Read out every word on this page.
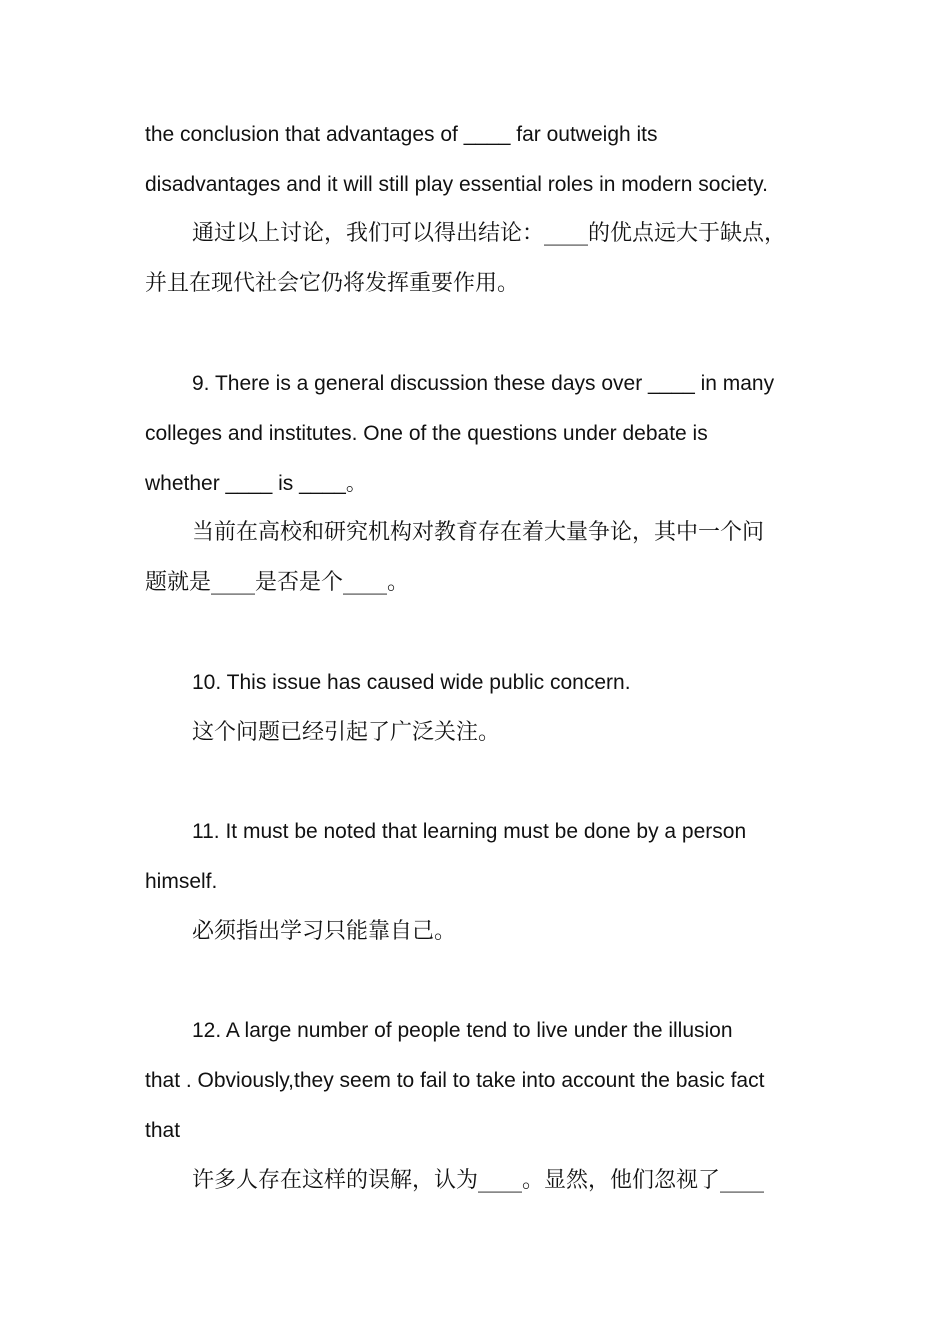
the conclusion that advantages of ____ far outweigh its
disadvantages and it will still play essential roles in modern society.
通过以上讨论，我们可以得出结论：____的优点远大于缺点，
并且在现代社会它仍将发挥重要作用。
9. There is a general discussion these days over ____ in many
colleges and institutes. One of the questions under debate is
whether ____ is ____。
当前在高校和研究机构对教育存在着大量争论，其中一个问
题就是____是否是个____。
10. This issue has caused wide public concern.
这个问题已经引起了广泛关注。
11. It must be noted that learning must be done by a person
himself.
必须指出学习只能靠自己。
12. A large number of people tend to live under the illusion
that . Obviously,they seem to fail to take into account the basic fact
that
许多人存在这样的误解，认为____。显然，他们忽视了____
